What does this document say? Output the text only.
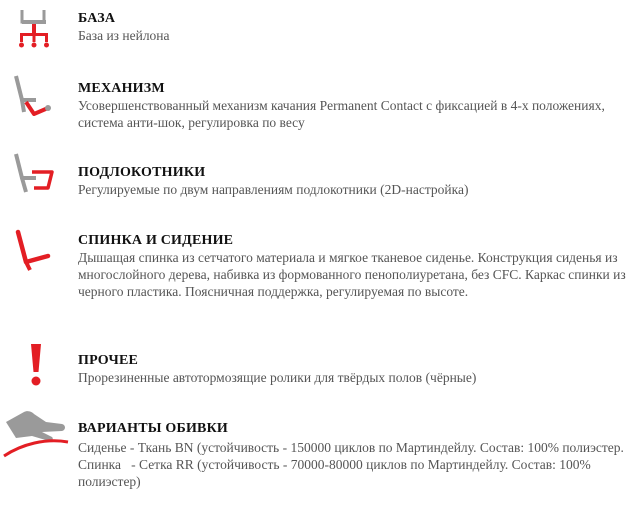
БАЗА
База из нейлона
МЕХАНИЗМ
Усовершенствованный механизм качания Permanent Contact с фиксацией в 4-х положениях, система анти-шок, регулировка по весу
ПОДЛОКОТНИКИ
Регулируемые по двум направлениям подлокотники (2D-настройка)
СПИНКА И СИДЕНИЕ
Дышащая спинка из сетчатого материала и мягкое тканевое сиденье. Конструкция сиденья из многослойного дерева, набивка из формованного пенополиуретана, без CFC. Каркас спинки из черного пластика. Поясничная поддержка, регулируемая по высоте.
ПРОЧЕЕ
Прорезиненные автотормозящие ролики для твёрдых полов (чёрные)
ВАРИАНТЫ ОБИВКИ
Сиденье - Ткань BN (устойчивость - 150000 циклов по Мартиндейлу. Состав: 100% полиэстер.
Спинка   - Сетка RR (устойчивость - 70000-80000 циклов по Мартиндейлу. Состав: 100% полиэстер)
